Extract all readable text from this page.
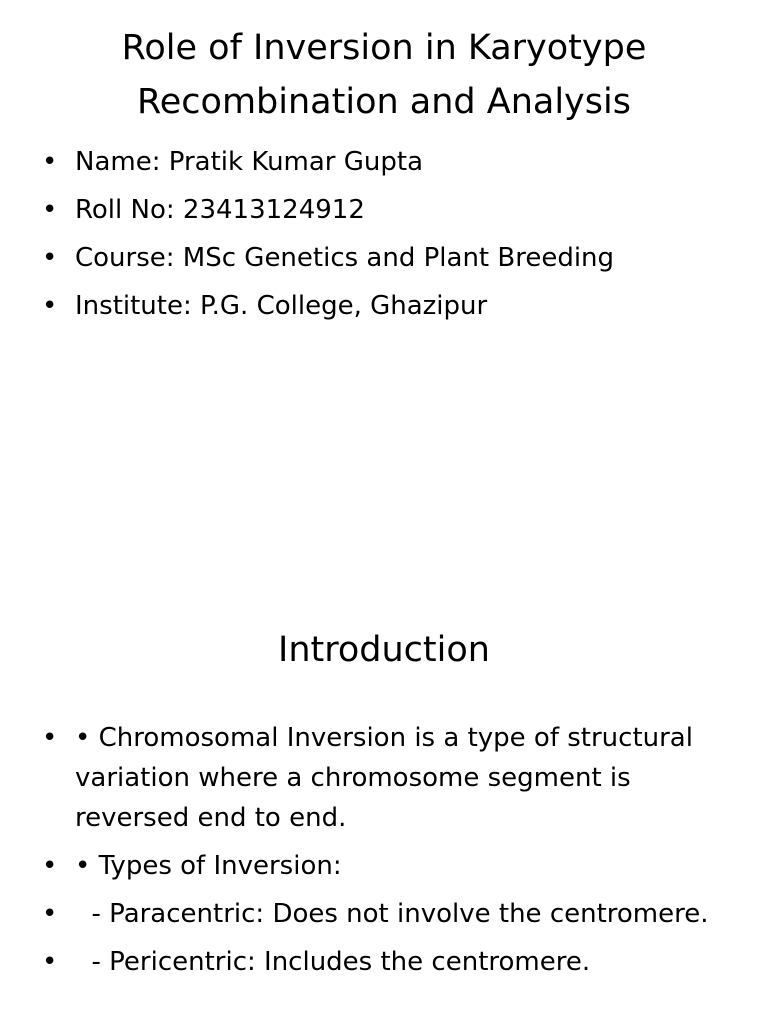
Role of Inversion in Karyotype Recombination and Analysis
• Name: Pratik Kumar Gupta
• Roll No: 23413124912
• Course: MSc Genetics and Plant Breeding
• Institute: P.G. College, Ghazipur
Introduction
• • Chromosomal Inversion is a type of structural variation where a chromosome segment is reversed end to end.
• • Types of Inversion:
• - Paracentric: Does not involve the centromere.
• - Pericentric: Includes the centromere.
